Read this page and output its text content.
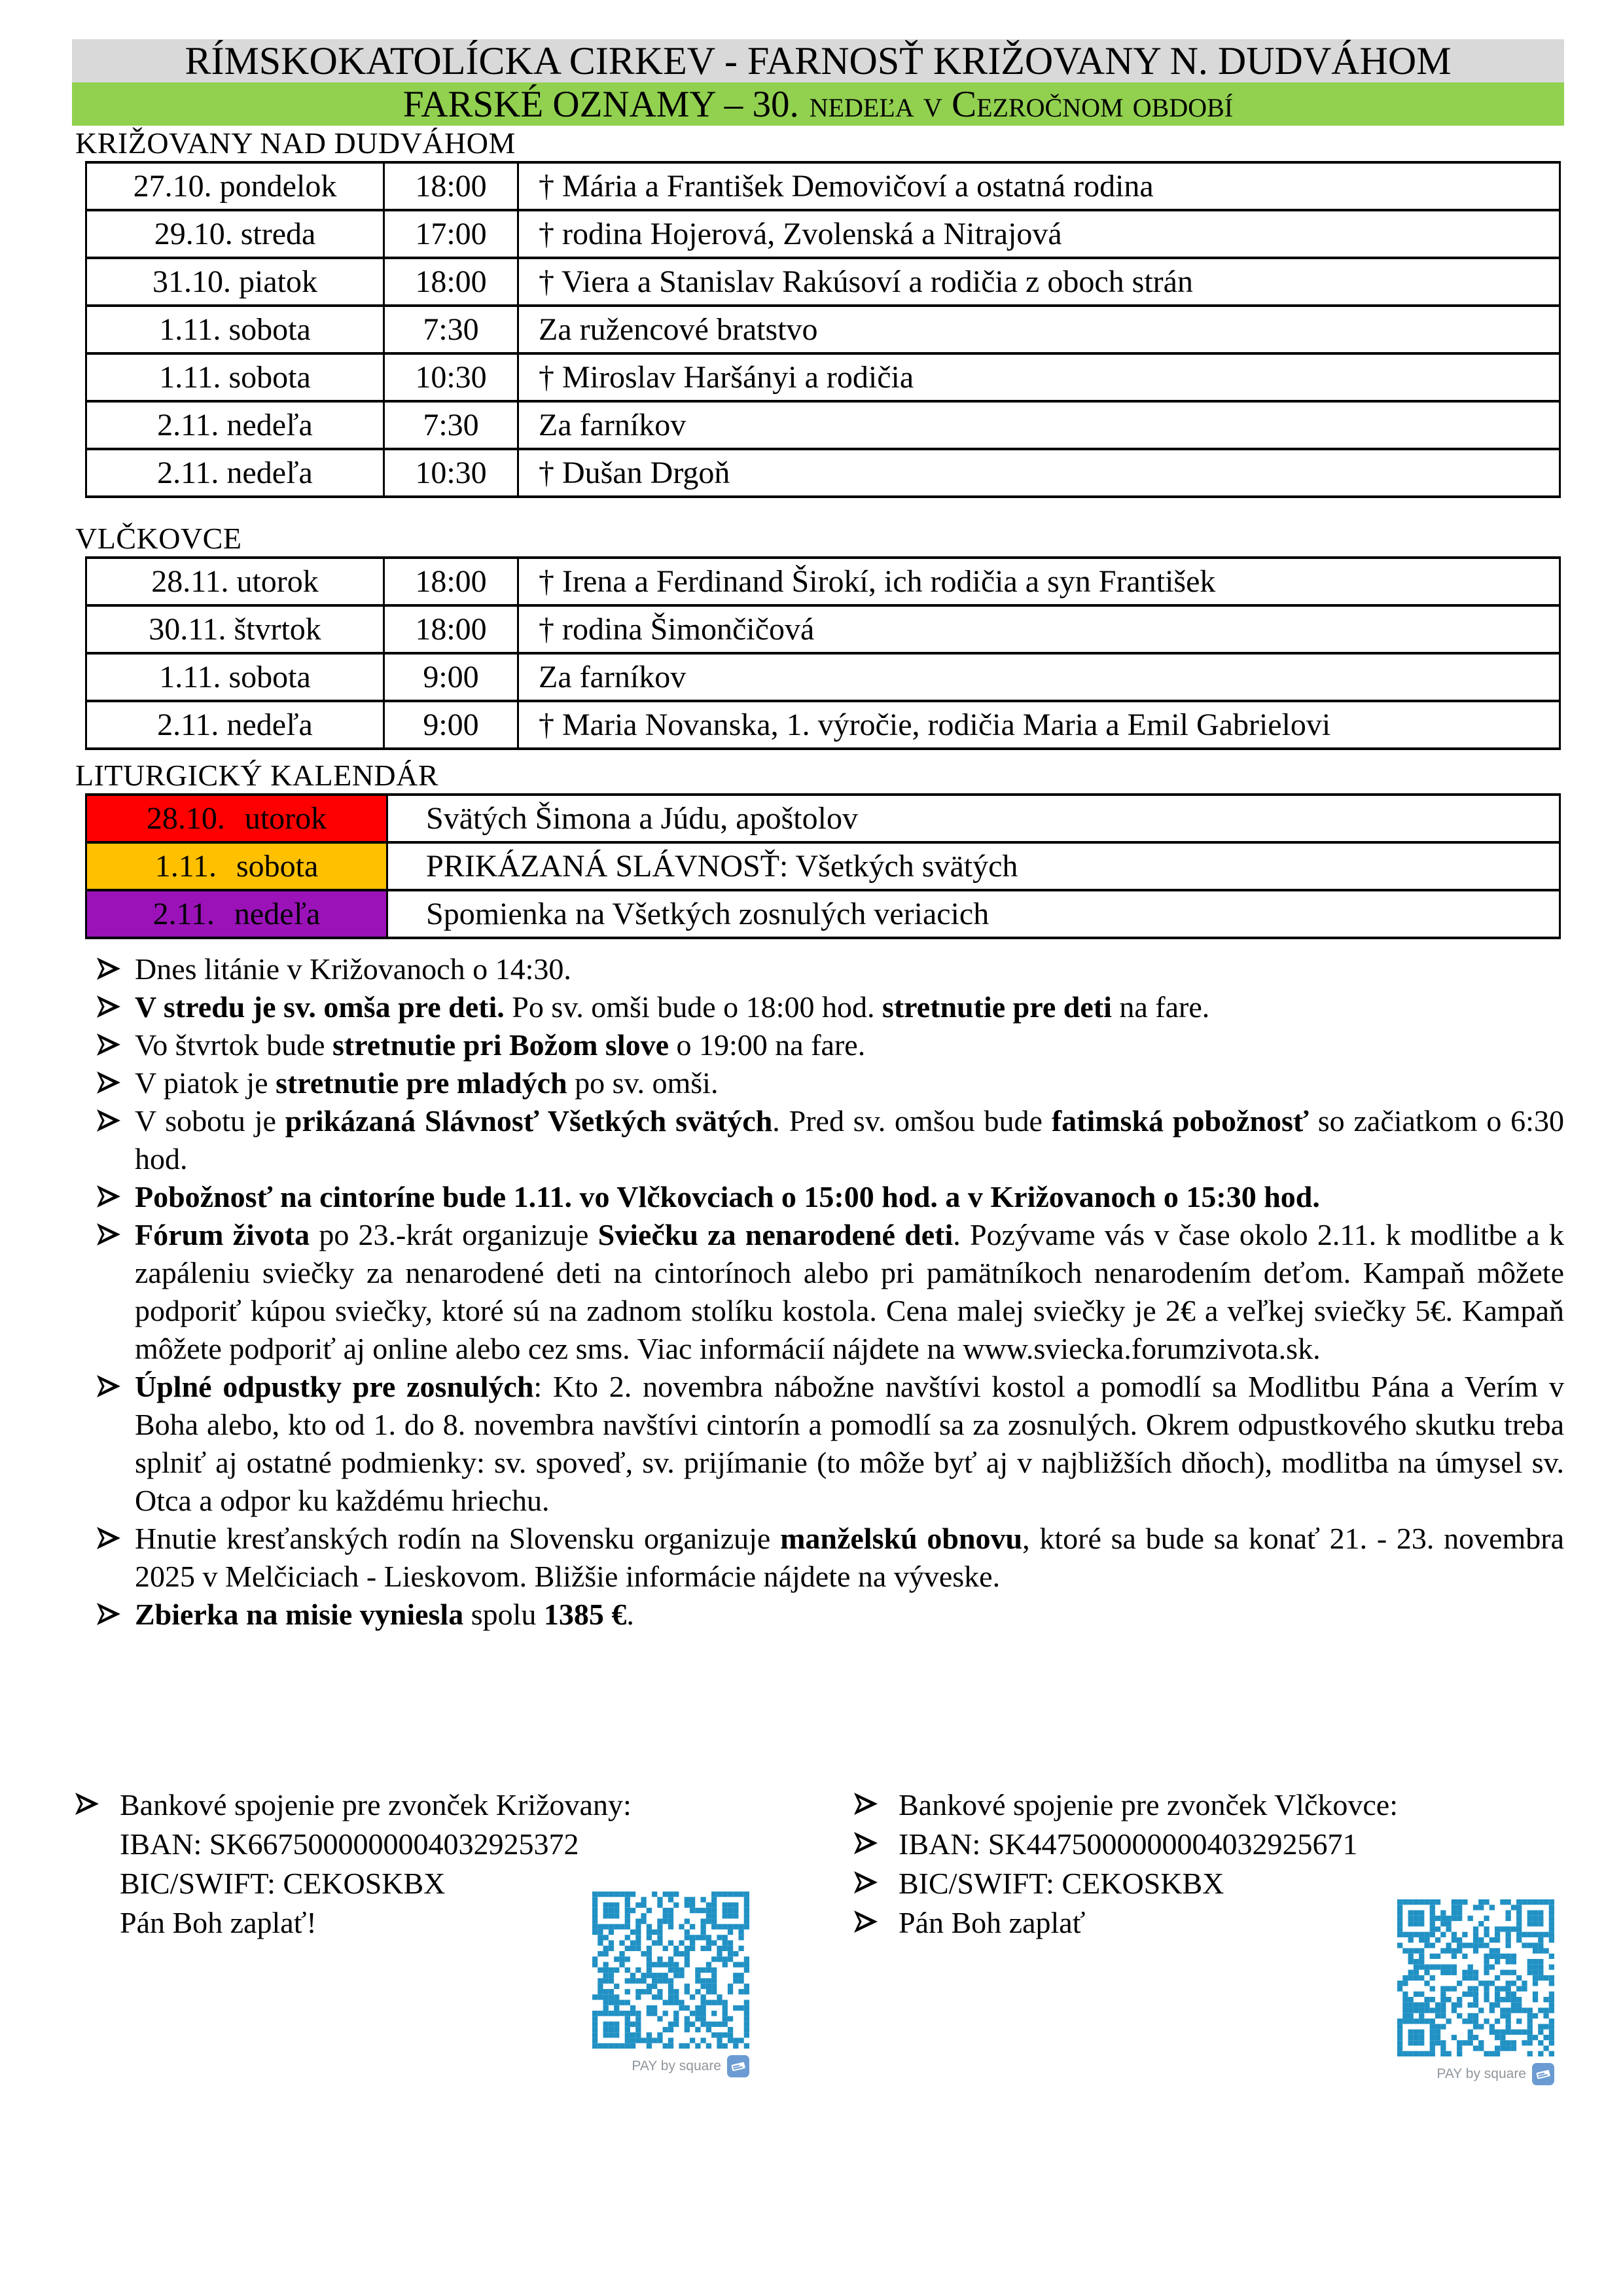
RÍMSKOKATOLÍCKA CIRKEV - FARNOSŤ KRIŽOVANY N. DUDVÁHOM
FARSKÉ OZNAMY – 30. nedeľa v Cezročnom období
KRIŽOVANY NAD DUDVÁHOM
27.10. pondelok	18:00	† Mária a František Demovičoví a ostatná rodina
29.10. streda	17:00	† rodina Hojerová, Zvolenská a Nitrajová
31.10. piatok	18:00	† Viera a Stanislav Rakúsoví a rodičia z oboch strán
1.11. sobota	7:30	Za ružencové bratstvo
1.11. sobota	10:30	† Miroslav Haršányi a rodičia
2.11. nedeľa	7:30	Za farníkov
2.11. nedeľa	10:30	† Dušan Drgoň
VLČKOVCE
28.11. utorok	18:00	† Irena a Ferdinand Širokí, ich rodičia a syn František
30.11. štvrtok	18:00	† rodina Šimončičová
1.11. sobota	9:00	Za farníkov
2.11. nedeľa	9:00	† Maria Novanska, 1. výročie, rodičia Maria a Emil Gabrielovi
LITURGICKÝ KALENDÁR
28.10. utorok	Svätých Šimona a Júdu, apoštolov
1.11. sobota	PRIKÁZANÁ SLÁVNOSŤ: Všetkých svätých
2.11. nedeľa	Spomienka na Všetkých zosnulých veriacich

Dnes litánie v Križovanoch o 14:30.

V stredu je sv. omša pre deti. Po sv. omši bude o 18:00 hod. stretnutie pre deti na fare.

Vo štvrtok bude stretnutie pri Božom slove o 19:00 na fare.

V piatok je stretnutie pre mladých po sv. omši.

V sobotu je prikázaná Slávnosť Všetkých svätých. Pred sv. omšou bude fatimská pobožnosť so začiatkom o 6:30 hod.

Pobožnosť na cintoríne bude 1.11. vo Vlčkovciach o 15:00 hod. a v Križovanoch o 15:30 hod.

Fórum života po 23.-krát organizuje Sviečku za nenarodené deti. Pozývame vás v čase okolo 2.11. k modlitbe a k zapáleniu sviečky za nenarodené deti na cintorínoch alebo pri pamätníkoch nenarodením deťom. Kampaň môžete podporiť kúpou sviečky, ktoré sú na zadnom stolíku kostola. Cena malej sviečky je 2€ a veľkej sviečky 5€. Kampaň môžete podporiť aj online alebo cez sms. Viac informácií nájdete na www.sviecka.forumzivota.sk.

Úplné odpustky pre zosnulých: Kto 2. novembra nábožne navštívi kostol a pomodlí sa Modlitbu Pána a Verím v Boha alebo, kto od 1. do 8. novembra navštívi cintorín a pomodlí sa za zosnulých. Okrem odpustkového skutku treba splniť aj ostatné podmienky: sv. spoveď, sv. prijímanie (to môže byť aj v najbližších dňoch), modlitba na úmysel sv. Otca a odpor ku každému hriechu.

Hnutie kresťanských rodín na Slovensku organizuje manželskú obnovu, ktoré sa bude sa konať 21. - 23. novembra 2025 v Melčiciach - Lieskovom. Bližšie informácie nájdete na výveske.

Zbierka na misie vyniesla spolu 1385 €.

Bankové spojenie pre zvonček Križovany:
IBAN: SK6675000000004032925372
BIC/SWIFT: CEKOSKBX
Pán Boh zaplať!
Bankové spojenie pre zvonček Vlčkovce:
IBAN: SK4475000000004032925671
BIC/SWIFT: CEKOSKBX
Pán Boh zaplať
PAY by square
PAY by square
